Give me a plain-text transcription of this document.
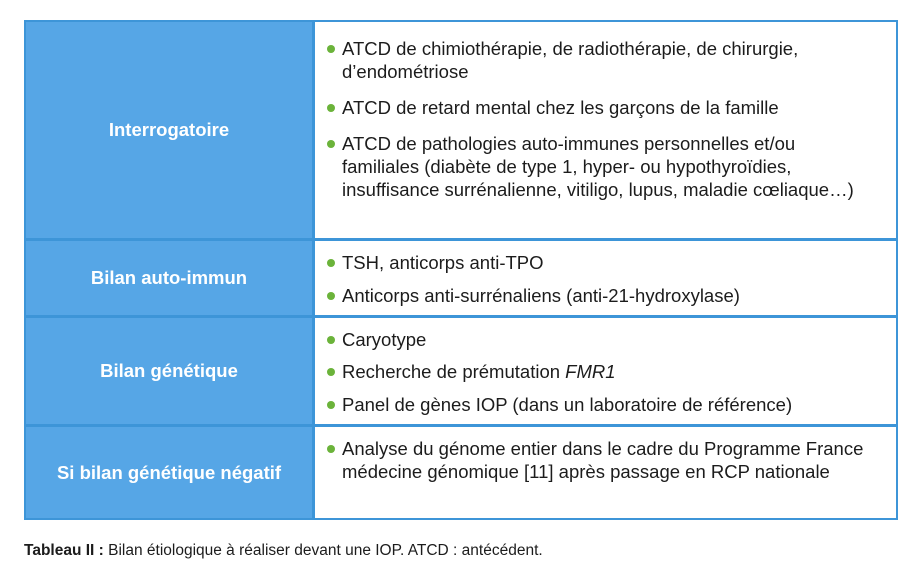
Interrogatoire
ATCD de chimiothérapie, de radiothérapie, de chirurgie, d’endométriose
ATCD de retard mental chez les garçons de la famille
ATCD de pathologies auto-immunes personnelles et/ou familiales (diabète de type 1, hyper- ou hypothyroïdies, insuffisance surrénalienne, vitiligo, lupus, maladie cœliaque…)
Bilan auto-immun
TSH, anticorps anti-TPO
Anticorps anti-surrénaliens (anti-21-hydroxylase)
Bilan génétique
Caryotype
Recherche de prémutation FMR1
Panel de gènes IOP (dans un laboratoire de référence)
Si bilan génétique négatif
Analyse du génome entier dans le cadre du Programme France médecine génomique [11] après passage en RCP nationale
Tableau II : Bilan étiologique à réaliser devant une IOP. ATCD : antécédent.
